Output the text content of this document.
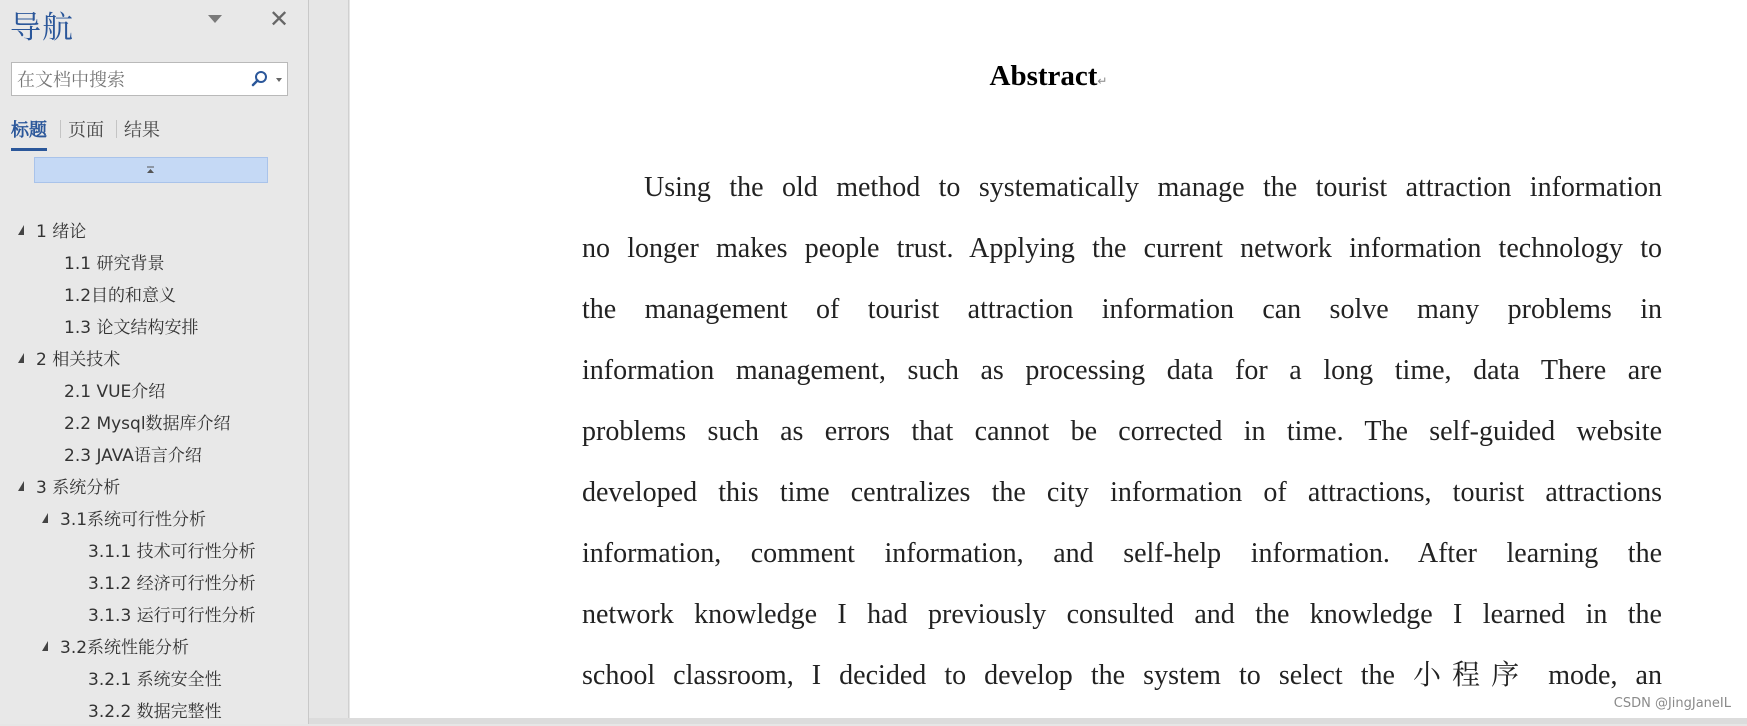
导航	✕
在文档中搜索
标题 页面 结果
1 绪论
1.1 研究背景
1.2目的和意义
1.3 论文结构安排
2 相关技术
2.1 VUE介绍
2.2 Mysql数据库介绍
2.3 JAVA语言介绍
3 系统分析
3.1系统可行性分析
3.1.1 技术可行性分析
3.1.2 经济可行性分析
3.1.3 运行可行性分析
3.2系统性能分析
3.2.1 系统安全性
3.2.2 数据完整性
Abstract↵
Using the old method to systematically manage the tourist attraction information
no longer makes people trust. Applying the current network information technology to
the management of tourist attraction information can solve many problems in
information management, such as processing data for a long time, data There are
problems such as errors that cannot be corrected in time. The self-guided website
developed this time centralizes the city information of attractions, tourist attractions
information, comment information, and self-help information. After learning the
network knowledge I had previously consulted and the knowledge I learned in the
school classroom, I decided to develop the system to select the 小程序 mode, an
CSDN @JingJaneIL
